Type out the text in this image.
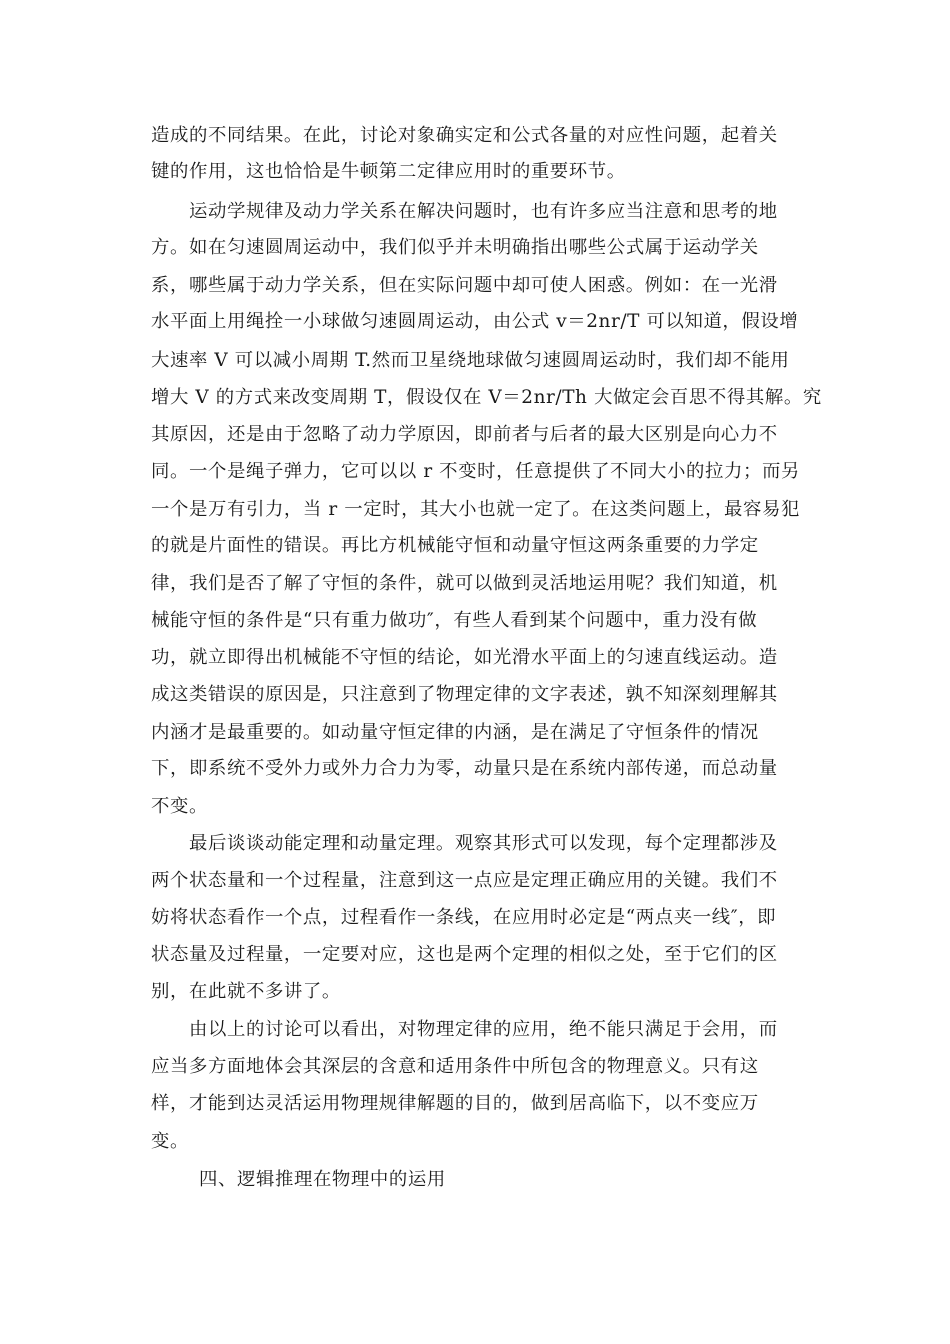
造成的不同结果。在此，讨论对象确实定和公式各量的对应性问题，起着关
键的作用，这也恰恰是牛顿第二定律应用时的重要环节。
运动学规律及动力学关系在解决问题时，也有许多应当注意和思考的地
方。如在匀速圆周运动中，我们似乎并未明确指出哪些公式属于运动学关
系，哪些属于动力学关系，但在实际问题中却可使人困惑。例如：在一光滑
水平面上用绳拴一小球做匀速圆周运动，由公式 v＝2nr/T 可以知道，假设增
大速率 V 可以减小周期 T.然而卫星绕地球做匀速圆周运动时，我们却不能用
增大 V 的方式来改变周期 T，假设仅在 V＝2nr/Th 大做定会百思不得其解。究
其原因，还是由于忽略了动力学原因，即前者与后者的最大区别是向心力不
同。一个是绳子弹力，它可以以 r 不变时，任意提供了不同大小的拉力；而另
一个是万有引力，当 r 一定时，其大小也就一定了。在这类问题上，最容易犯
的就是片面性的错误。再比方机械能守恒和动量守恒这两条重要的力学定
律，我们是否了解了守恒的条件，就可以做到灵活地运用呢？我们知道，机
械能守恒的条件是“只有重力做功″，有些人看到某个问题中，重力没有做
功，就立即得出机械能不守恒的结论，如光滑水平面上的匀速直线运动。造
成这类错误的原因是，只注意到了物理定律的文字表述，孰不知深刻理解其
内涵才是最重要的。如动量守恒定律的内涵，是在满足了守恒条件的情况
下，即系统不受外力或外力合力为零，动量只是在系统内部传递，而总动量
不变。
最后谈谈动能定理和动量定理。观察其形式可以发现，每个定理都涉及
两个状态量和一个过程量，注意到这一点应是定理正确应用的关键。我们不
妨将状态看作一个点，过程看作一条线，在应用时必定是“两点夹一线″，即
状态量及过程量，一定要对应，这也是两个定理的相似之处，至于它们的区
别，在此就不多讲了。
由以上的讨论可以看出，对物理定律的应用，绝不能只满足于会用，而
应当多方面地体会其深层的含意和适用条件中所包含的物理意义。只有这
样，才能到达灵活运用物理规律解题的目的，做到居高临下，以不变应万
变。
四、逻辑推理在物理中的运用
